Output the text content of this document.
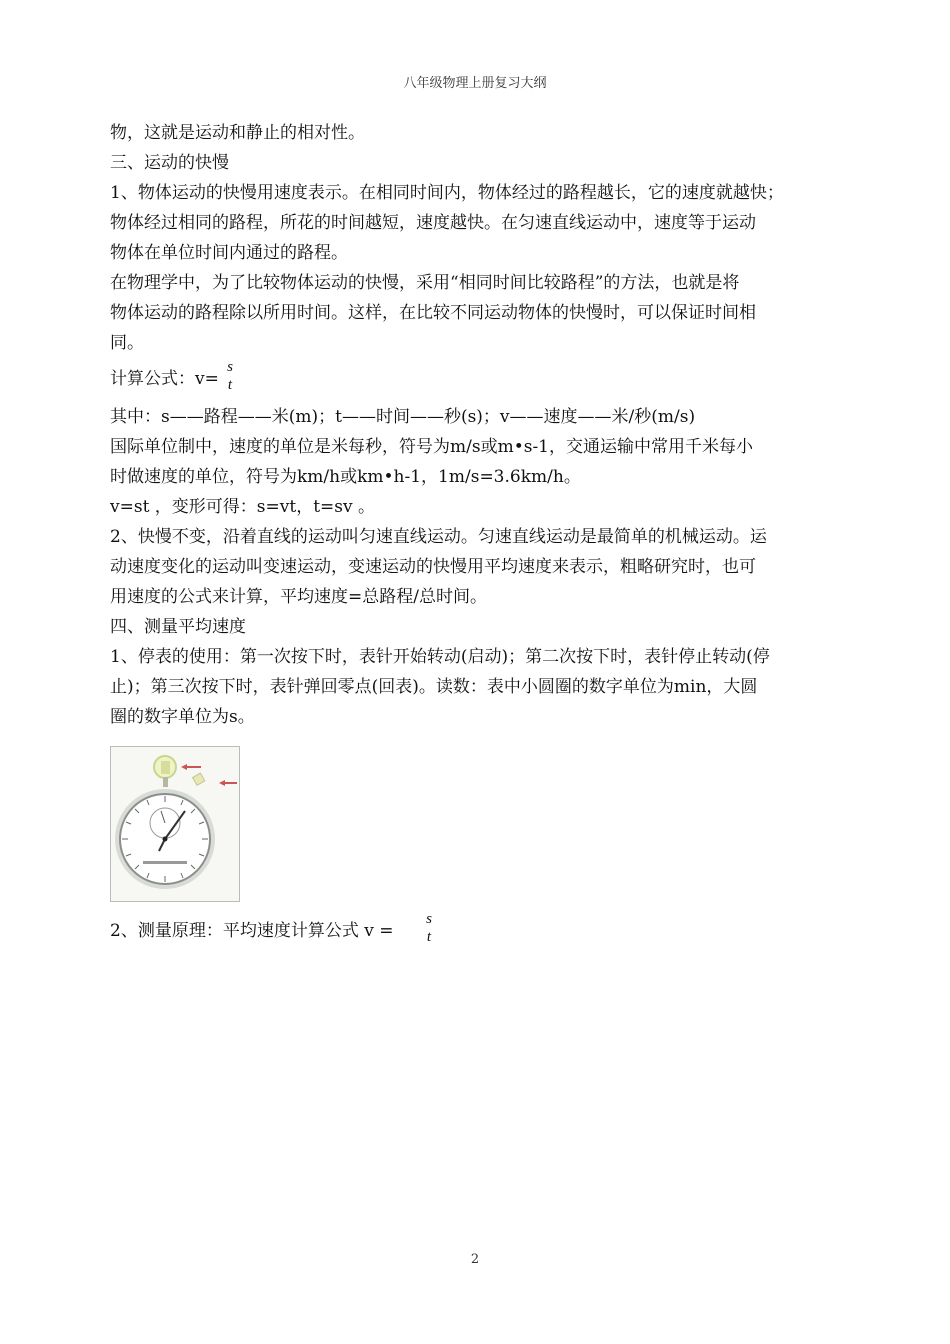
八年级物理上册复习大纲
物，这就是运动和静止的相对性。
三、运动的快慢
1、物体运动的快慢用速度表示。在相同时间内，物体经过的路程越长，它的速度就越快；
物体经过相同的路程，所花的时间越短，速度越快。在匀速直线运动中，速度等于运动
物体在单位时间内通过的路程。
在物理学中，为了比较物体运动的快慢，采用“相同时间比较路程”的方法，也就是将
物体运动的路程除以所用时间。这样，在比较不同运动物体的快慢时，可以保证时间相
同。
计算公式：v=
s
t
其中：s——路程——米(m)；t——时间——秒(s)；v——速度——米/秒(m/s)
国际单位制中，速度的单位是米每秒，符号为m/s或m•s-1，交通运输中常用千米每小
时做速度的单位，符号为km/h或km•h-1，1m/s=3.6km/h。
v=st ，变形可得：s=vt，t=sv 。
2、快慢不变，沿着直线的运动叫匀速直线运动。匀速直线运动是最简单的机械运动。运
动速度变化的运动叫变速运动，变速运动的快慢用平均速度来表示，粗略研究时，也可
用速度的公式来计算，平均速度=总路程/总时间。
四、测量平均速度
1、停表的使用：第一次按下时，表针开始转动(启动)；第二次按下时，表针停止转动(停
止)；第三次按下时，表针弹回零点(回表)。读数：表中小圆圈的数字单位为min，大圆
圈的数字单位为s。
2、测量原理：平均速度计算公式 v =
s
t
2
